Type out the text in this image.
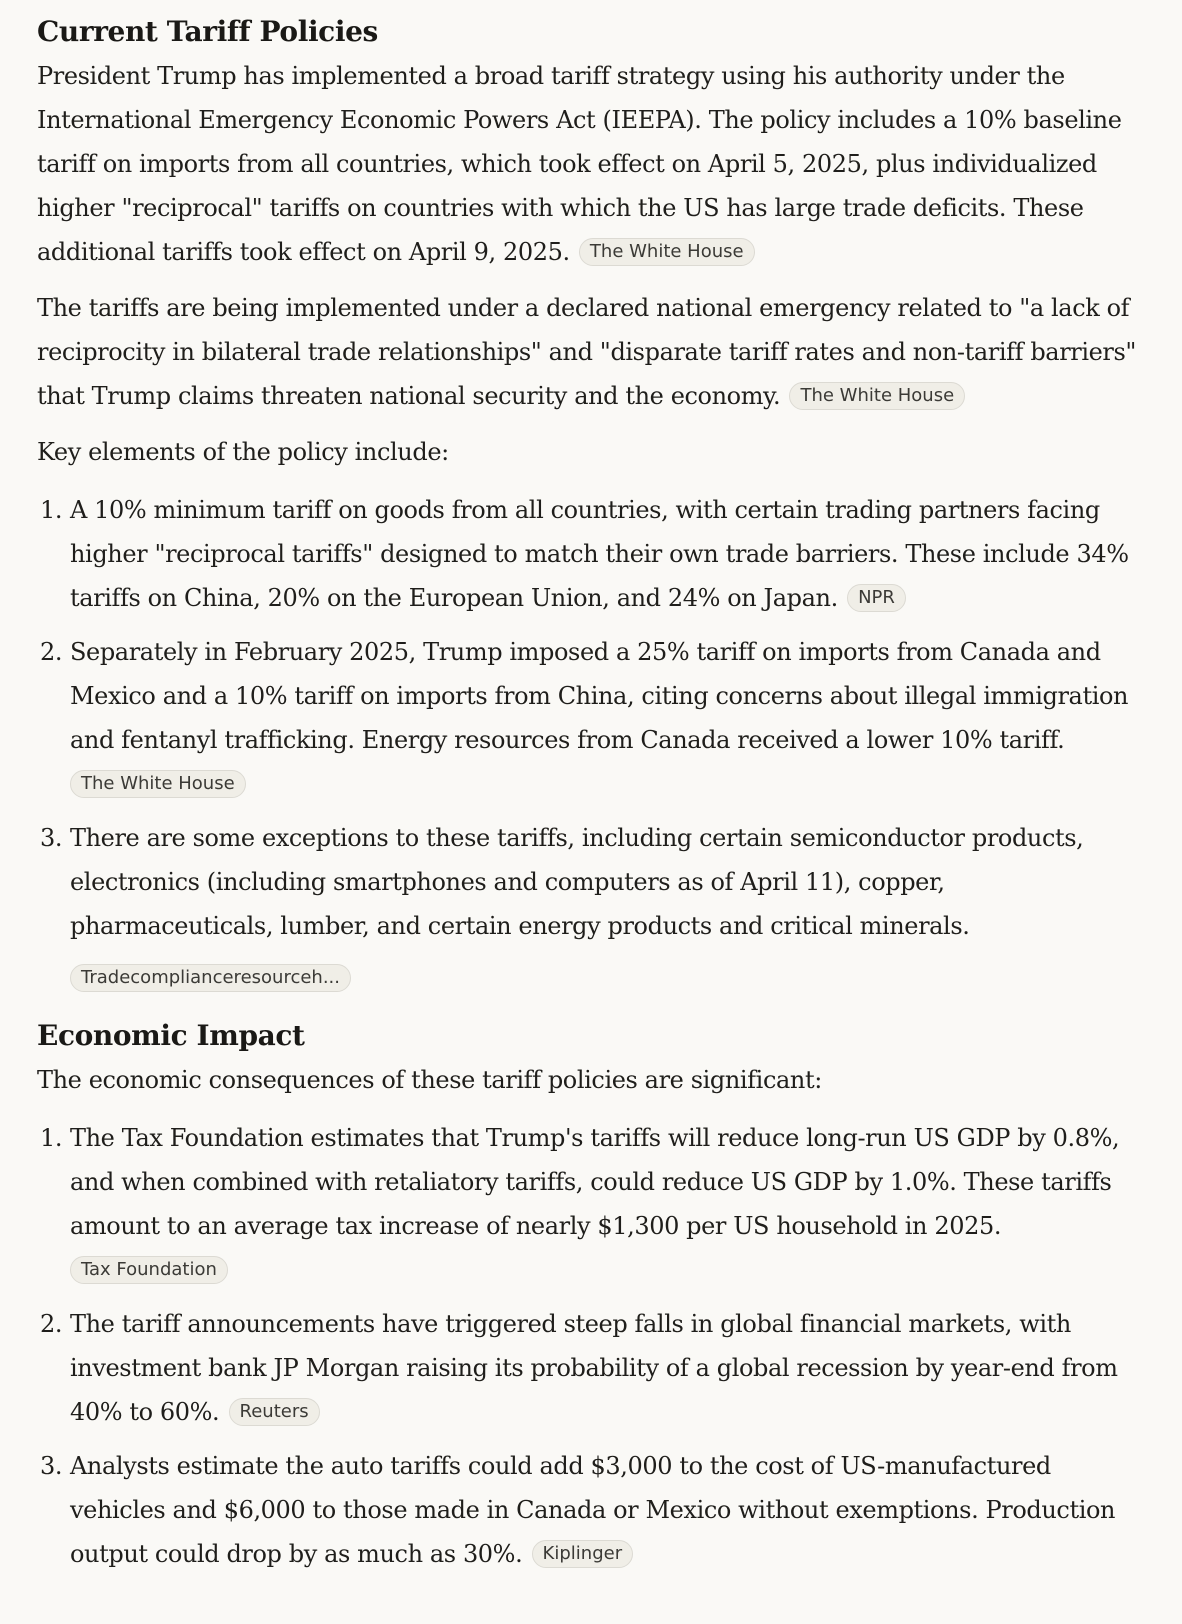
Current Tariff Policies

President Trump has implemented a broad tariff strategy using his authority under the International Emergency Economic Powers Act (IEEPA). The policy includes a 10% baseline tariff on imports from all countries, which took effect on April 5, 2025, plus individualized higher "reciprocal" tariffs on countries with which the US has large trade deficits. These additional tariffs took effect on April 9, 2025. The White House

The tariffs are being implemented under a declared national emergency related to "a lack of reciprocity in bilateral trade relationships" and "disparate tariff rates and non-tariff barriers" that Trump claims threaten national security and the economy. The White House

Key elements of the policy include:

1. A 10% minimum tariff on goods from all countries, with certain trading partners facing higher "reciprocal tariffs" designed to match their own trade barriers. These include 34% tariffs on China, 20% on the European Union, and 24% on Japan. NPR
2. Separately in February 2025, Trump imposed a 25% tariff on imports from Canada and Mexico and a 10% tariff on imports from China, citing concerns about illegal immigration and fentanyl trafficking. Energy resources from Canada received a lower 10% tariff.
The White House
3. There are some exceptions to these tariffs, including certain semiconductor products, electronics (including smartphones and computers as of April 11), copper, pharmaceuticals, lumber, and certain energy products and critical minerals.
Tradecomplianceresourceh...
Economic Impact

The economic consequences of these tariff policies are significant:

1. The Tax Foundation estimates that Trump's tariffs will reduce long-run US GDP by 0.8%, and when combined with retaliatory tariffs, could reduce US GDP by 1.0%. These tariffs amount to an average tax increase of nearly $1,300 per US household in 2025.
Tax Foundation
2. The tariff announcements have triggered steep falls in global financial markets, with investment bank JP Morgan raising its probability of a global recession by year-end from 40% to 60%. Reuters
3. Analysts estimate the auto tariffs could add $3,000 to the cost of US-manufactured vehicles and $6,000 to those made in Canada or Mexico without exemptions. Production output could drop by as much as 30%. Kiplinger
